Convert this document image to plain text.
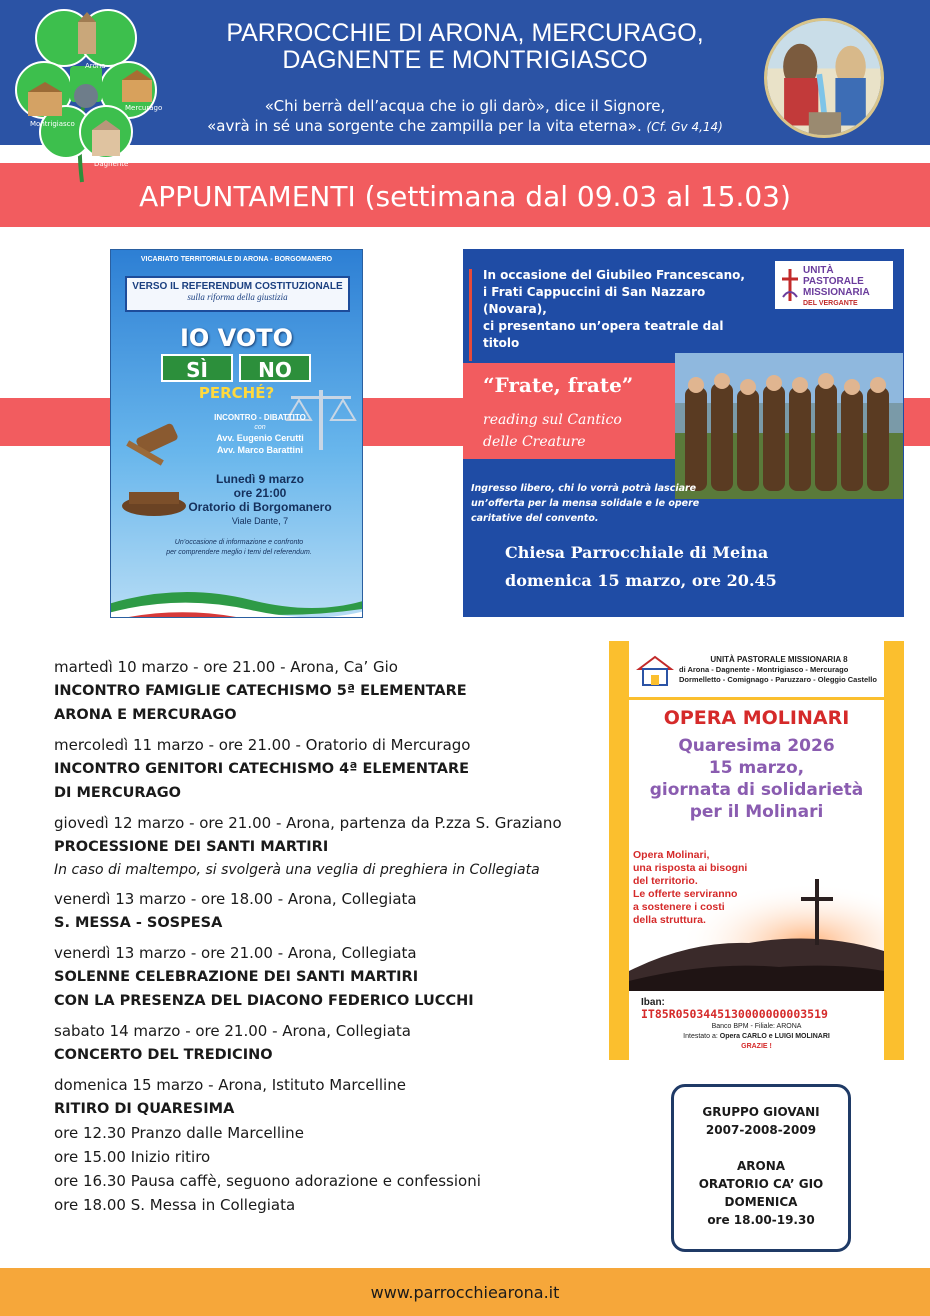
Arona
Mercurago
Montrigiasco
Dagnente
PARROCCHIE DI ARONA, MERCURAGO,
DAGNENTE E MONTRIGIASCO
«Chi berrà dell’acqua che io gli darò», dice il Signore,
«avrà in sé una sorgente che zampilla per la vita eterna». (Cf. Gv 4,14)
APPUNTAMENTI (settimana dal 09.03 al 15.03)
VICARIATO TERRITORIALE DI ARONA - BORGOMANERO
VERSO IL REFERENDUM COSTITUZIONALE
sulla riforma della giustizia
IO VOTO
SÌ	NO
PERCHÉ?
INCONTRO - DIBATTITO
con
Avv. Eugenio Cerutti
Avv. Marco Barattini
Lunedì 9 marzo
ore 21:00
Oratorio di Borgomanero
Viale Dante, 7
Un’occasione di informazione e confronto
per comprendere meglio i temi del referendum.
In occasione del Giubileo Francescano,
i Frati Cappuccini di San Nazzaro
(Novara),
ci presentano un’opera teatrale dal
titolo
UNITÀ
PASTORALE
MISSIONARIA
DEL VERGANTE
“Frate, frate”
reading sul Cantico
delle Creature
Ingresso libero, chi lo vorrà potrà lasciare
un’offerta per la mensa solidale e le opere
caritative del convento.
Chiesa Parrocchiale di Meina
domenica 15 marzo, ore 20.45
martedì 10 marzo - ore 21.00 - Arona, Ca’ Gio
INCONTRO FAMIGLIE CATECHISMO 5ª ELEMENTARE
ARONA E MERCURAGO
mercoledì 11 marzo - ore 21.00 - Oratorio di Mercurago
INCONTRO GENITORI CATECHISMO 4ª ELEMENTARE
DI MERCURAGO
giovedì 12 marzo - ore 21.00 - Arona, partenza da P.zza S. Graziano
PROCESSIONE DEI SANTI MARTIRI
In caso di maltempo, si svolgerà una veglia di preghiera in Collegiata
venerdì 13 marzo - ore 18.00 - Arona, Collegiata
S. MESSA - SOSPESA
venerdì 13 marzo - ore 21.00 - Arona, Collegiata
SOLENNE CELEBRAZIONE DEI SANTI MARTIRI
CON LA PRESENZA DEL DIACONO FEDERICO LUCCHI
sabato 14 marzo - ore 21.00 - Arona, Collegiata
CONCERTO DEL TREDICINO
domenica 15 marzo - Arona, Istituto Marcelline
RITIRO DI QUARESIMA
ore 12.30 Pranzo dalle Marcelline
ore 15.00 Inizio ritiro
ore 16.30 Pausa caffè, seguono adorazione e confessioni
ore 18.00 S. Messa in Collegiata
UNITÀ PASTORALE MISSIONARIA 8
di Arona - Dagnente - Montrigiasco - Mercurago
Dormelletto - Comignago - Paruzzaro - Oleggio Castello
OPERA MOLINARI
Quaresima 2026
15 marzo,
giornata di solidarietà
per il Molinari
Opera Molinari,
una risposta ai bisogni
del territorio.
Le offerte serviranno
a sostenere i costi
della struttura.
Iban:
IT85R0503445130000000003519
Banco BPM - Filiale: ARONA
Intestato a: Opera CARLO e LUIGI MOLINARI
GRAZIE !
GRUPPO GIOVANI
2007-2008-2009
ARONA
ORATORIO CA’ GIO
DOMENICA
ore 18.00-19.30
www.parrocchiearona.it
